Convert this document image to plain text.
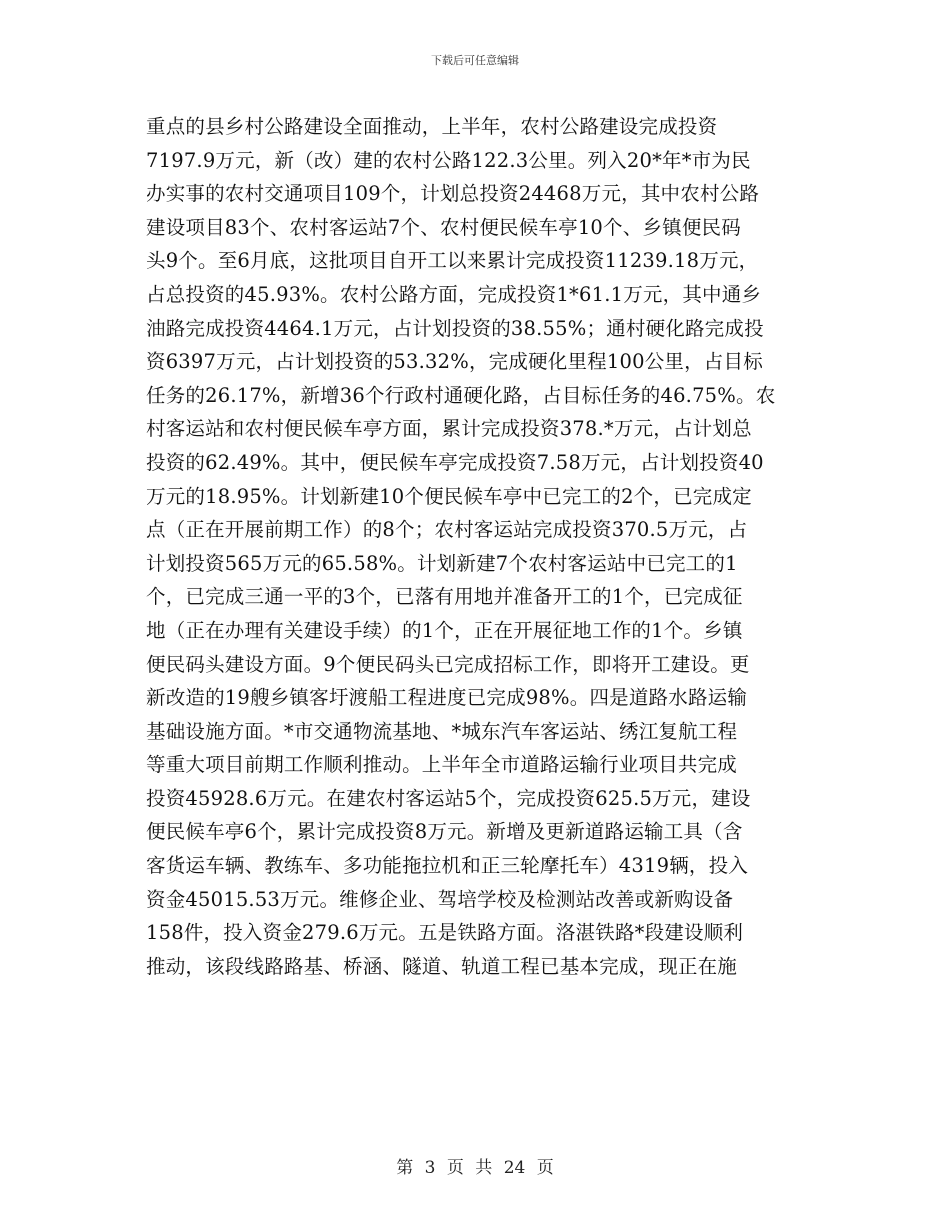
下载后可任意编辑
重点的县乡村公路建设全面推动，上半年，农村公路建设完成投资
7197.9万元，新（改）建的农村公路122.3公里。列入20*年*市为民
办实事的农村交通项目109个，计划总投资24468万元，其中农村公路
建设项目83个、农村客运站7个、农村便民候车亭10个、乡镇便民码
头9个。至6月底，这批项目自开工以来累计完成投资11239.18万元，
占总投资的45.93%。农村公路方面，完成投资1*61.1万元，其中通乡
油路完成投资4464.1万元，占计划投资的38.55%；通村硬化路完成投
资6397万元，占计划投资的53.32%，完成硬化里程100公里，占目标
任务的26.17%，新增36个行政村通硬化路，占目标任务的46.75%。农
村客运站和农村便民候车亭方面，累计完成投资378.*万元，占计划总
投资的62.49%。其中，便民候车亭完成投资7.58万元，占计划投资40
万元的18.95%。计划新建10个便民候车亭中已完工的2个，已完成定
点（正在开展前期工作）的8个；农村客运站完成投资370.5万元，占
计划投资565万元的65.58%。计划新建7个农村客运站中已完工的1
个，已完成三通一平的3个，已落有用地并准备开工的1个，已完成征
地（正在办理有关建设手续）的1个，正在开展征地工作的1个。乡镇
便民码头建设方面。9个便民码头已完成招标工作，即将开工建设。更
新改造的19艘乡镇客圩渡船工程进度已完成98%。四是道路水路运输
基础设施方面。*市交通物流基地、*城东汽车客运站、绣江复航工程
等重大项目前期工作顺利推动。上半年全市道路运输行业项目共完成
投资45928.6万元。在建农村客运站5个，完成投资625.5万元，建设
便民候车亭6个，累计完成投资8万元。新增及更新道路运输工具（含
客货运车辆、教练车、多功能拖拉机和正三轮摩托车）4319辆，投入
资金45015.53万元。维修企业、驾培学校及检测站改善或新购设备
158件，投入资金279.6万元。五是铁路方面。洛湛铁路*段建设顺利
推动，该段线路路基、桥涵、隧道、轨道工程已基本完成，现正在施
第 3 页 共 24 页
